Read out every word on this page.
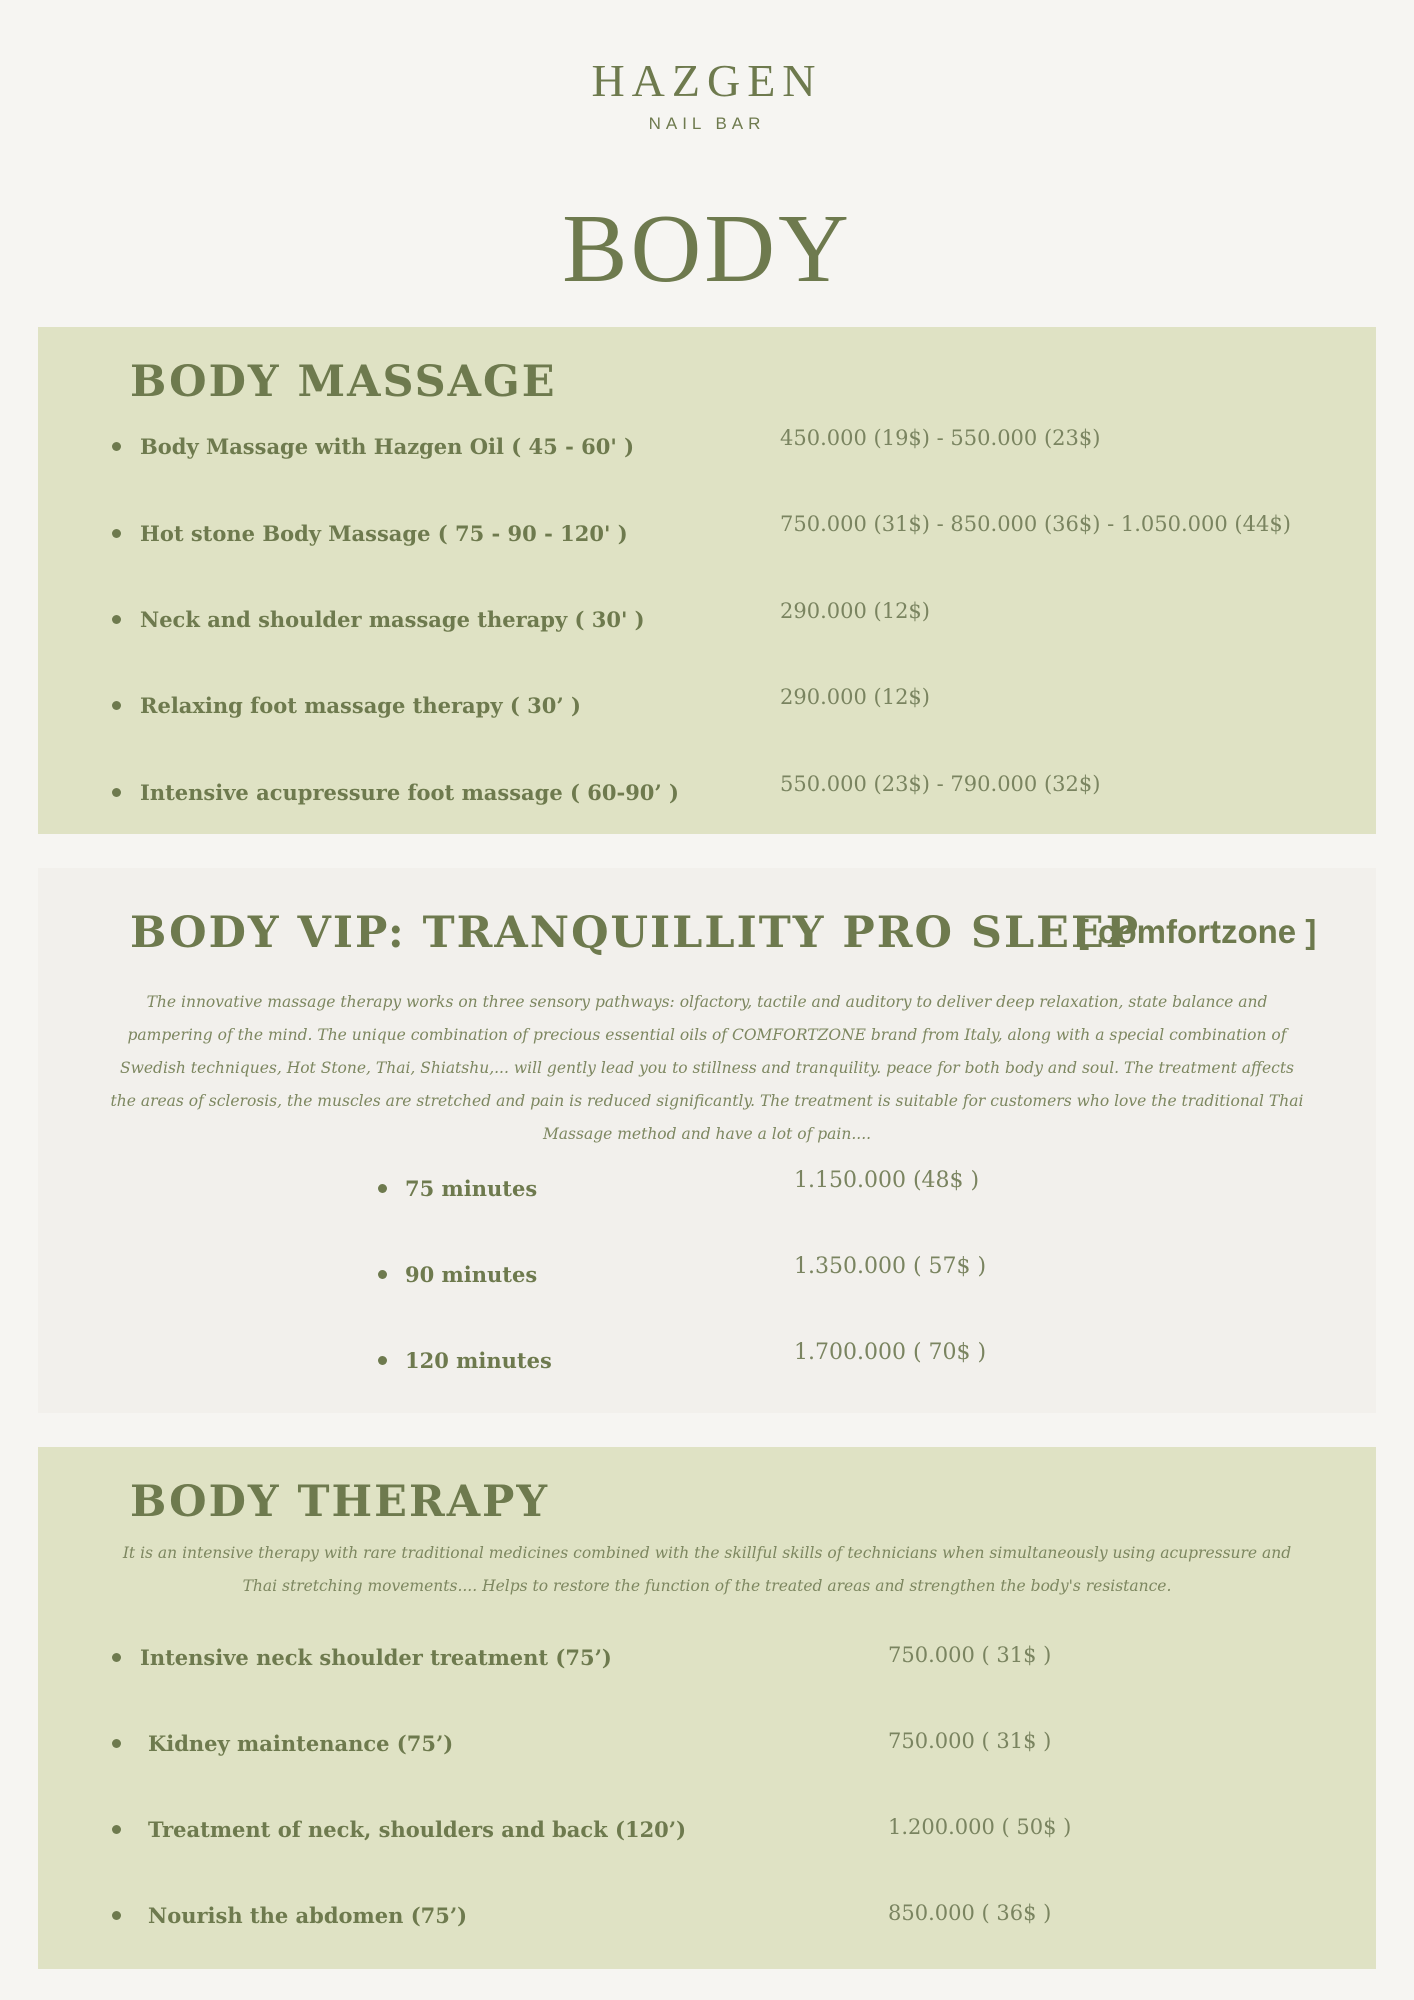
HAZGEN
NAIL BAR
BODY
BODY MASSAGE
Body Massage with Hazgen Oil ( 45 - 60' )	450.000 (19$) - 550.000 (23$)
Hot stone Body Massage ( 75 - 90 - 120' )	750.000 (31$) - 850.000 (36$) - 1.050.000 (44$)
Neck and shoulder massage therapy ( 30' )	290.000 (12$)
Relaxing foot massage therapy ( 30’ )	290.000 (12$)
Intensive acupressure foot massage ( 60-90’ )	550.000 (23$) - 790.000 (32$)
BODY VIP: TRANQUILLITY PRO SLEEP
[ comfortzone ]
The innovative massage therapy works on three sensory pathways: olfactory, tactile and auditory to deliver deep relaxation, state balance and pampering of the mind. The unique combination of precious essential oils of COMFORTZONE brand from Italy, along with a special combination of Swedish techniques, Hot Stone, Thai, Shiatshu,... will gently lead you to stillness and tranquility. peace for both body and soul. The treatment affects the areas of sclerosis, the muscles are stretched and pain is reduced significantly. The treatment is suitable for customers who love the traditional Thai Massage method and have a lot of pain....
75 minutes	1.150.000 (48$ )
90 minutes	1.350.000 ( 57$ )
120 minutes	1.700.000 ( 70$ )
BODY THERAPY
It is an intensive therapy with rare traditional medicines combined with the skillful skills of technicians when simultaneously using acupressure and Thai stretching movements.... Helps to restore the function of the treated areas and strengthen the body's resistance.
Intensive neck shoulder treatment (75’)	750.000 ( 31$ )
Kidney maintenance (75’)	750.000 ( 31$ )
Treatment of neck, shoulders and back (120’)	1.200.000 ( 50$ )
Nourish the abdomen (75’)	850.000 ( 36$ )
